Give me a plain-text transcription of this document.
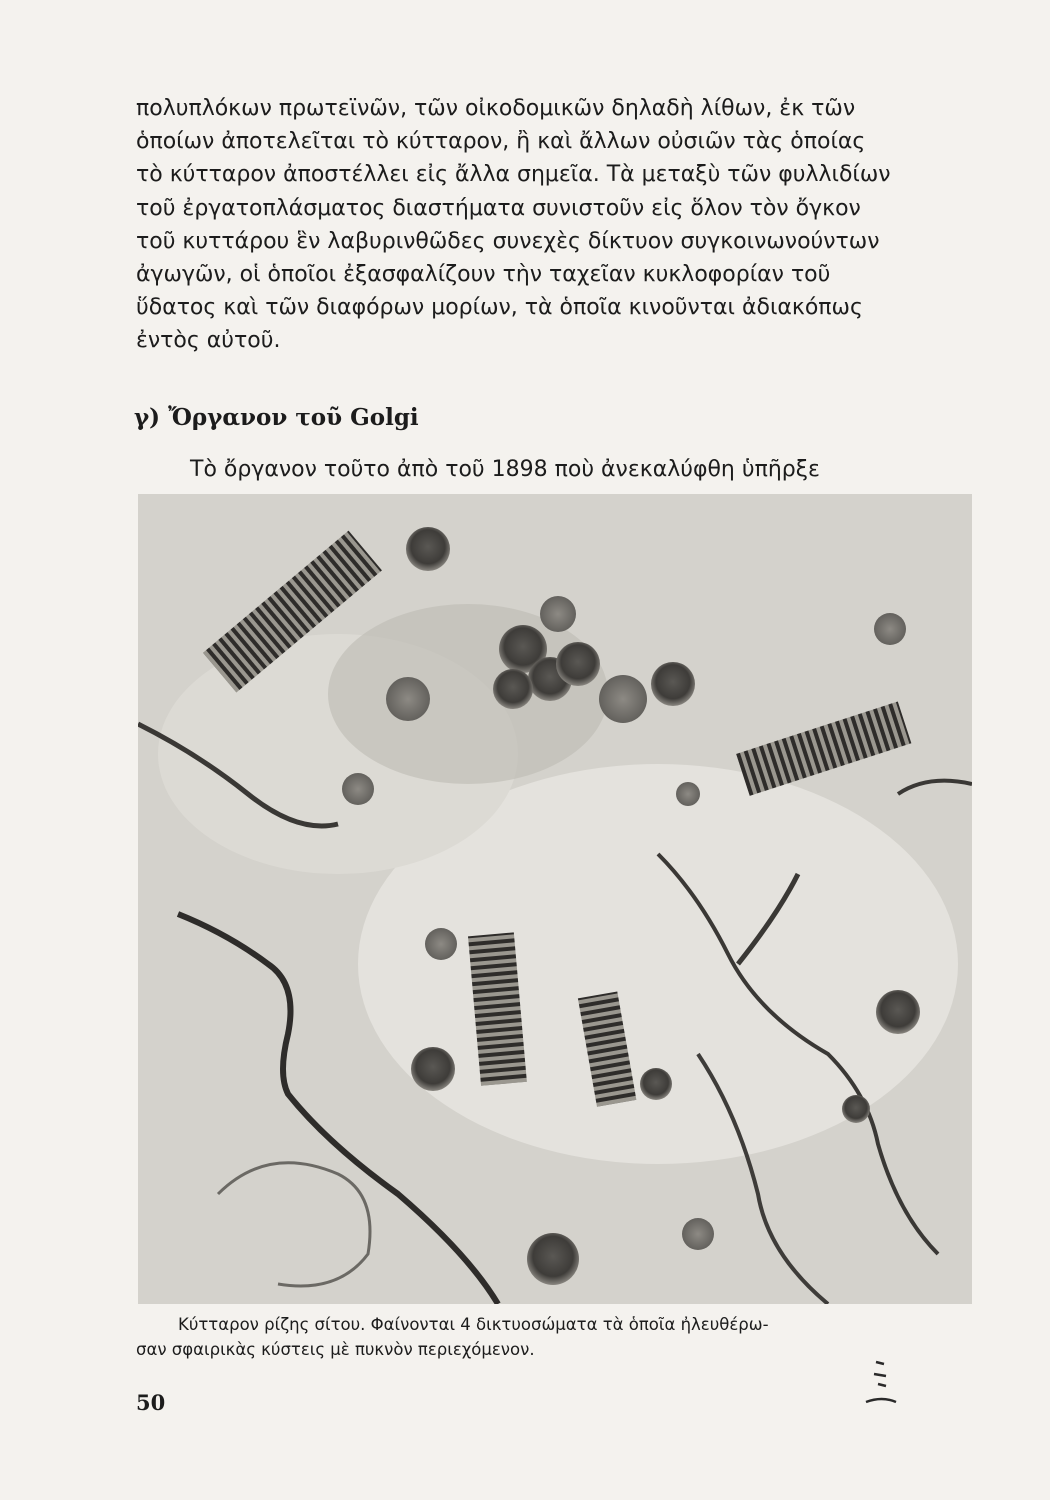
πολυπλόκων πρωτεϊνῶν, τῶν οἰκοδομικῶν δηλαδὴ λίθων, ἐκ τῶν
ὁποίων ἀποτελεῖται τὸ κύτταρον, ἢ καὶ ἄλλων οὐσιῶν τὰς ὁποίας
τὸ κύτταρον ἀποστέλλει εἰς ἄλλα σημεῖα. Τὰ μεταξὺ τῶν φυλλιδίων
τοῦ ἐργατοπλάσματος διαστήματα συνιστοῦν εἰς ὅλον τὸν ὄγκον
τοῦ κυττάρου ἓν λαβυρινθῶδες συνεχὲς δίκτυον συγκοινωνούντων
ἀγωγῶν, οἱ ὁποῖοι ἐξασφαλίζουν τὴν ταχεῖαν κυκλοφορίαν τοῦ
ὕδατος καὶ τῶν διαφόρων μορίων, τὰ ὁποῖα κινοῦνται ἀδιακόπως
ἐντὸς αὐτοῦ.

γ) Ὄργανον τοῦ Golgi

Τὸ ὄργανον τοῦτο ἀπὸ τοῦ 1898 ποὺ ἀνεκαλύφθη ὑπῆρξε

Κύτταρον ρίζης σίτου. Φαίνονται 4 δικτυοσώματα τὰ ὁποῖα ἠλευθέρω-
σαν σφαιρικὰς κύστεις μὲ πυκνὸν περιεχόμενον.
50
